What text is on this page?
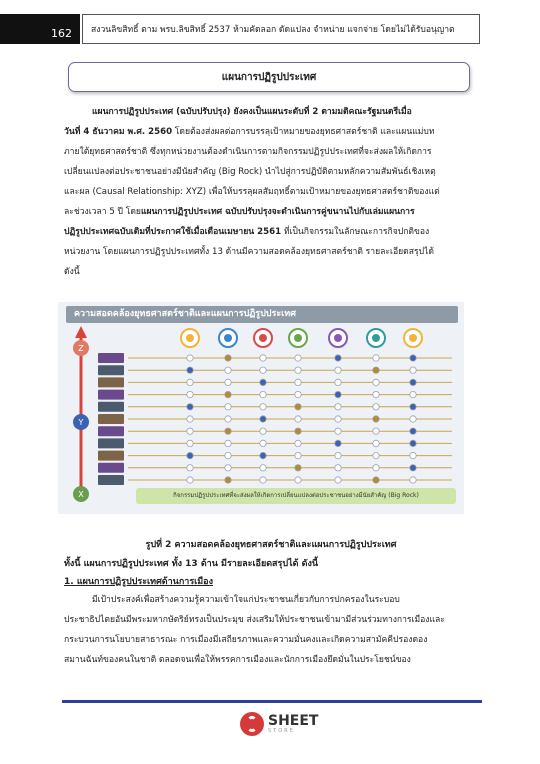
162 สงวนลิขสิทธิ์ ตาม พรบ.ลิขสิทธิ์ 2537 ห้ามคัดลอก ดัดแปลง จำหน่าย แจกจ่าย โดยไม่ได้รับอนุญาต
แผนการปฏิรูปประเทศ
แผนการปฏิรูปประเทศ (ฉบับปรับปรุง) ยังคงเป็นแผนระดับที่ 2 ตามมติคณะรัฐมนตรีเมื่อ
วันที่ 4 ธันวาคม พ.ศ. 2560 โดยต้องส่งผลต่อการบรรลุเป้าหมายของยุทธศาสตร์ชาติ และแผนแม่บท
ภายใต้ยุทธศาสตร์ชาติ ซึ่งทุกหน่วยงานต้องดำเนินการตามกิจกรรมปฏิรูปประเทศที่จะส่งผลให้เกิดการ
เปลี่ยนแปลงต่อประชาชนอย่างมีนัยสำคัญ (Big Rock) นำไปสู่การปฏิบัติตามหลักความสัมพันธ์เชิงเหตุ
และผล (Causal Relationship: XYZ) เพื่อให้บรรลุผลสัมฤทธิ์ตามเป้าหมายของยุทธศาสตร์ชาติของแต่
ละช่วงเวลา 5 ปี โดยแผนการปฏิรูปประเทศ ฉบับปรับปรุงจะดำเนินการคู่ขนานไปกับเล่มแผนการ
ปฏิรูปประเทศฉบับเดิมที่ประกาศใช้เมื่อเดือนเมษายน 2561 ที่เป็นกิจกรรมในลักษณะการกิจปกติของ
หน่วยงาน โดยแผนการปฏิรูปประเทศทั้ง 13 ด้านมีความสอดคล้องยุทธศาสตร์ชาติ รายละเอียดสรุปได้
ดังนี้
ความสอดคล้องยุทธศาสตร์ชาติและแผนการปฏิรูปประเทศ
Z
Y
X	กิจกรรมปฏิรูปประเทศที่จะส่งผลให้เกิดการเปลี่ยนแปลงต่อประชาชนอย่างมีนัยสำคัญ (Big Rock)
รูปที่ 2 ความสอดคล้องยุทธศาสตร์ชาติและแผนการปฏิรูปประเทศ
ทั้งนี้ แผนการปฏิรูปประเทศ ทั้ง 13 ด้าน มีรายละเอียดสรุปได้ ดังนี้
1. แผนการปฏิรูปประเทศด้านการเมือง
มีเป้าประสงค์เพื่อสร้างความรู้ความเข้าใจแก่ประชาชนเกี่ยวกับการปกครองในระบอบ
ประชาธิปไตยอันมีพระมหากษัตริย์ทรงเป็นประมุข ส่งเสริมให้ประชาชนเข้ามามีส่วนร่วมทางการเมืองและ
กระบวนการนโยบายสาธารณะ การเมืองมีเสถียรภาพและความมั่นคงและเกิดความสามัคคีปรองดอง
สมานฉันท์ของคนในชาติ ตลอดจนเพื่อให้พรรคการเมืองและนักการเมืองยึดมั่นในประโยชน์ของ
SHEET
STORE
